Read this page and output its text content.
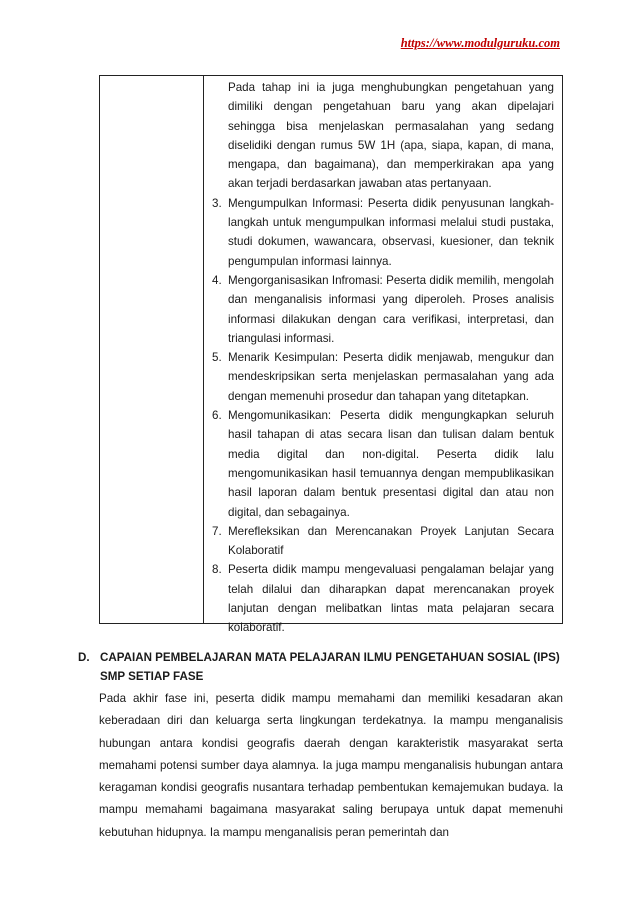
https://www.modulguruku.com
Pada tahap ini ia juga menghubungkan pengetahuan yang dimiliki dengan pengetahuan baru yang akan dipelajari sehingga bisa menjelaskan permasalahan yang sedang diselidiki dengan rumus 5W 1H (apa, siapa, kapan, di mana, mengapa, dan bagaimana), dan memperkirakan apa yang akan terjadi berdasarkan jawaban atas pertanyaan.
3. Mengumpulkan Informasi: Peserta didik penyusunan langkah-langkah untuk mengumpulkan informasi melalui studi pustaka, studi dokumen, wawancara, observasi, kuesioner, dan teknik pengumpulan informasi lainnya.
4. Mengorganisasikan Infromasi: Peserta didik memilih, mengolah dan menganalisis informasi yang diperoleh. Proses analisis informasi dilakukan dengan cara verifikasi, interpretasi, dan triangulasi informasi.
5. Menarik Kesimpulan: Peserta didik menjawab, mengukur dan mendeskripsikan serta menjelaskan permasalahan yang ada dengan memenuhi prosedur dan tahapan yang ditetapkan.
6. Mengomunikasikan: Peserta didik mengungkapkan seluruh hasil tahapan di atas secara lisan dan tulisan dalam bentuk media digital dan non-digital. Peserta didik lalu mengomunikasikan hasil temuannya dengan mempublikasikan hasil laporan dalam bentuk presentasi digital dan atau non digital, dan sebagainya.
7. Merefleksikan dan Merencanakan Proyek Lanjutan Secara Kolaboratif
8. Peserta didik mampu mengevaluasi pengalaman belajar yang telah dilalui dan diharapkan dapat merencanakan proyek lanjutan dengan melibatkan lintas mata pelajaran secara kolaboratif.
D. CAPAIAN PEMBELAJARAN MATA PELAJARAN ILMU PENGETAHUAN SOSIAL (IPS) SMP SETIAP FASE
Pada akhir fase ini, peserta didik mampu memahami dan memiliki kesadaran akan keberadaan diri dan keluarga serta lingkungan terdekatnya. Ia mampu menganalisis hubungan antara kondisi geografis daerah dengan karakteristik masyarakat serta memahami potensi sumber daya alamnya. Ia juga mampu menganalisis hubungan antara keragaman kondisi geografis nusantara terhadap pembentukan kemajemukan budaya. Ia mampu memahami bagaimana masyarakat saling berupaya untuk dapat memenuhi kebutuhan hidupnya. Ia mampu menganalisis peran pemerintah dan
